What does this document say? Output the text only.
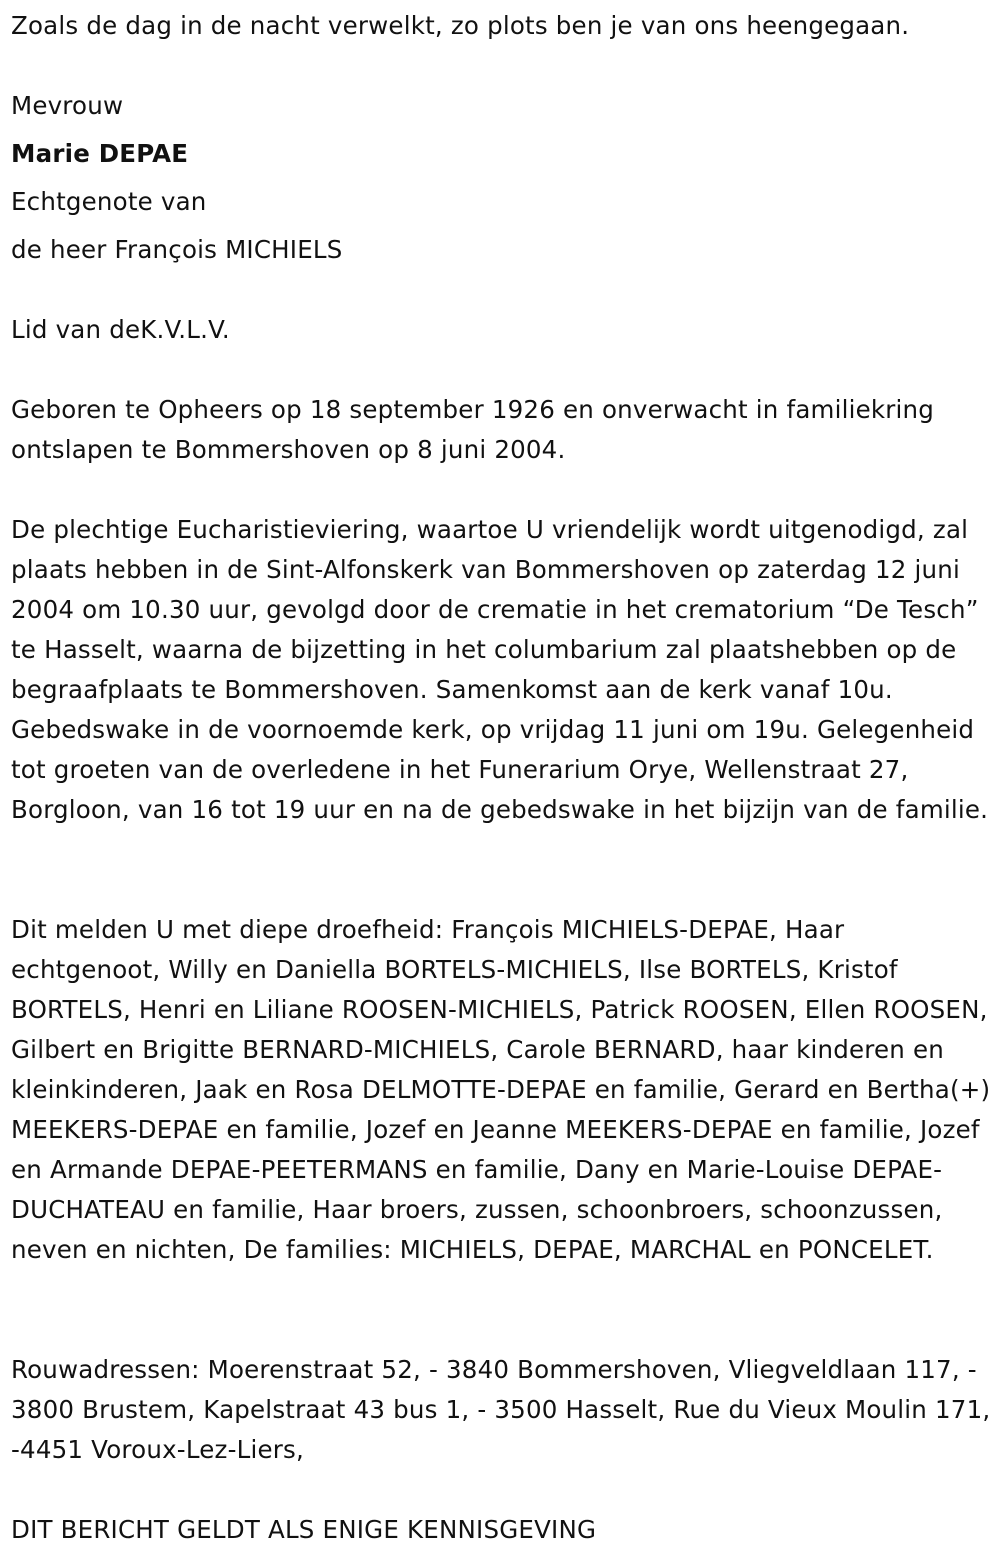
Zoals de dag in de nacht verwelkt, zo plots ben je van ons heengegaan.
Mevrouw
Marie DEPAE
Echtgenote van
de heer François MICHIELS
Lid van deK.V.L.V.

Geboren te Opheers op 18 september 1926 en onverwacht in familiekring ontslapen te Bommershoven op 8 juni 2004.

De plechtige Eucharistieviering, waartoe U vriendelijk wordt uitgenodigd, zal plaats hebben in de Sint-Alfonskerk van Bommershoven op zaterdag 12 juni 2004 om 10.30 uur, gevolgd door de crematie in het crematorium “De Tesch” te Hasselt, waarna de bijzetting in het columbarium zal plaatshebben op de begraafplaats te Bommershoven. Samenkomst aan de kerk vanaf 10u. Gebedswake in de voornoemde kerk, op vrijdag 11 juni om 19u. Gelegenheid tot groeten van de overledene in het Funerarium Orye, Wellenstraat 27, Borgloon, van 16 tot 19 uur en na de gebedswake in het bijzijn van de familie.

Dit melden U met diepe droefheid: François MICHIELS-DEPAE, Haar echtgenoot, Willy en Daniella BORTELS-MICHIELS, Ilse BORTELS, Kristof BORTELS, Henri en Liliane ROOSEN-MICHIELS, Patrick ROOSEN, Ellen ROOSEN, Gilbert en Brigitte BERNARD-MICHIELS, Carole BERNARD, haar kinderen en kleinkinderen, Jaak en Rosa DELMOTTE-DEPAE en familie, Gerard en Bertha(+) MEEKERS-DEPAE en familie, Jozef en Jeanne MEEKERS-DEPAE en familie, Jozef en Armande DEPAE-PEETERMANS en familie, Dany en Marie-Louise DEPAE-DUCHATEAU en familie, Haar broers, zussen, schoonbroers, schoonzussen, neven en nichten, De families: MICHIELS, DEPAE, MARCHAL en PONCELET.

Rouwadressen: Moerenstraat 52, - 3840 Bommershoven, Vliegveldlaan 117, - 3800 Brustem, Kapelstraat 43 bus 1, - 3500 Hasselt, Rue du Vieux Moulin 171, -4451 Voroux-Lez-Liers,

DIT BERICHT GELDT ALS ENIGE KENNISGEVING
